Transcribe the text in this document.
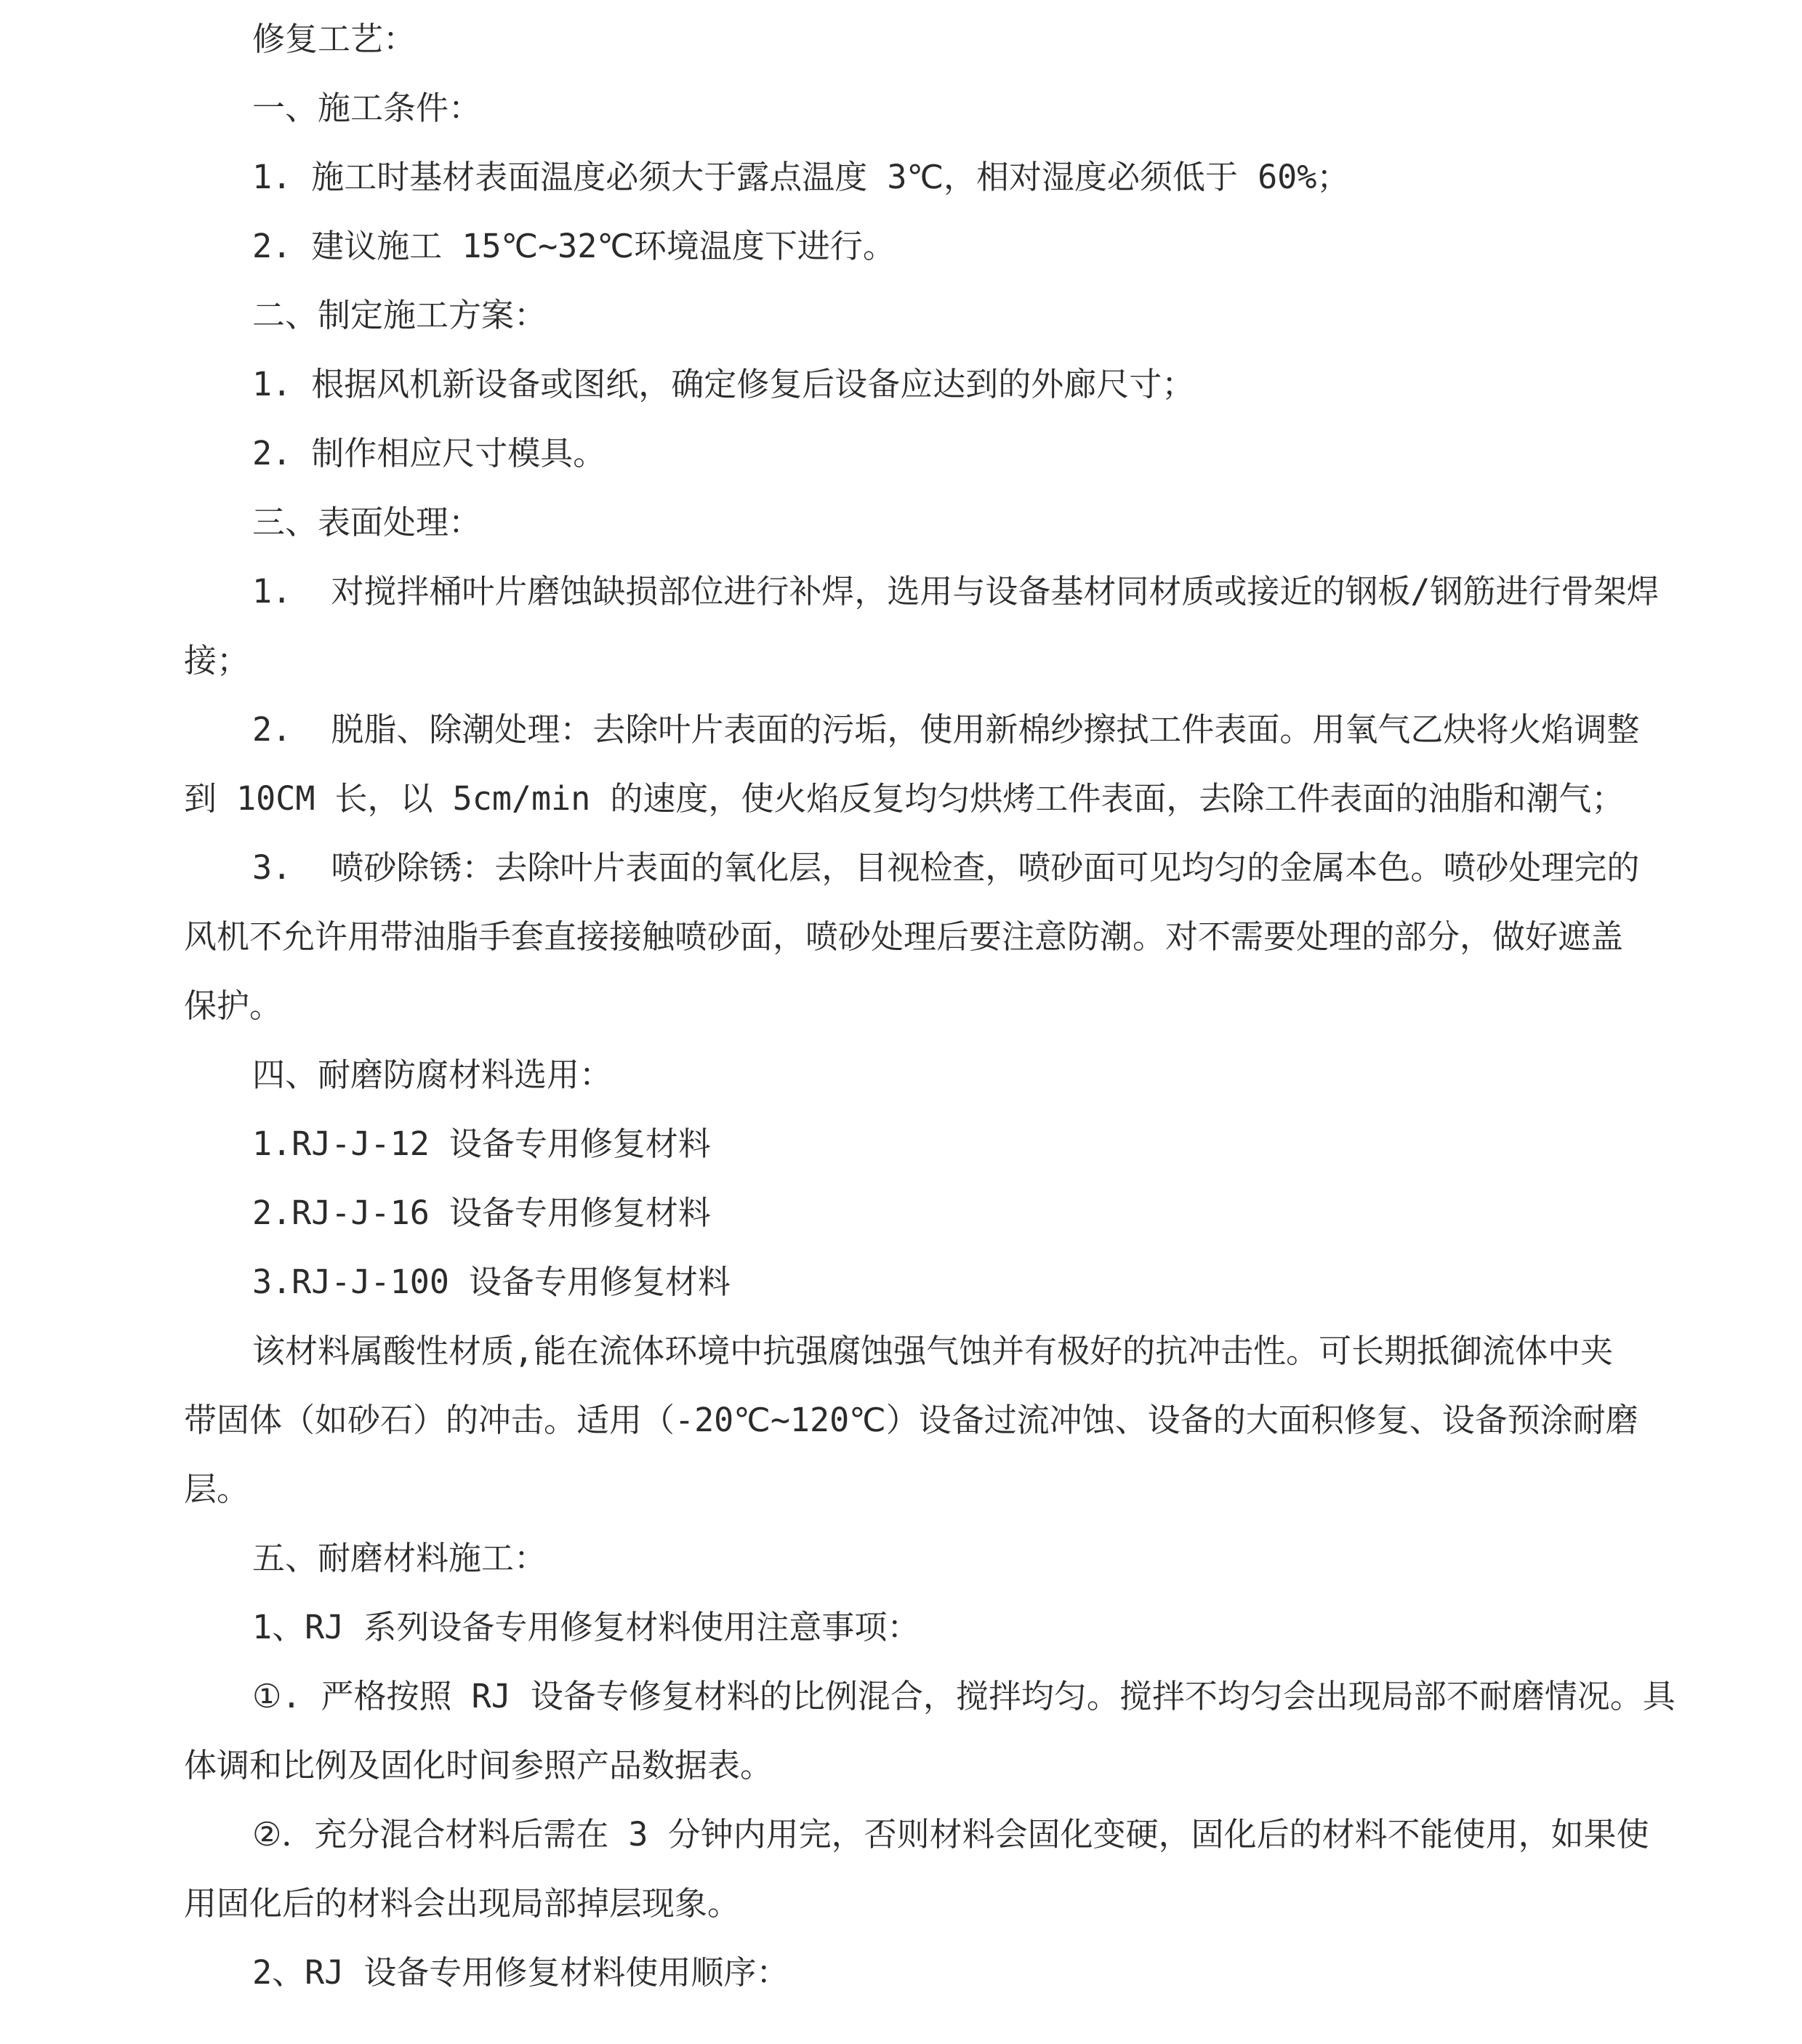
修复工艺：
一、施工条件：
1. 施工时基材表面温度必须大于露点温度 3℃，相对湿度必须低于 60%；
2. 建议施工 15℃~32℃环境温度下进行。
二、制定施工方案：
1. 根据风机新设备或图纸，确定修复后设备应达到的外廊尺寸；
2. 制作相应尺寸模具。
三、表面处理：
1.  对搅拌桶叶片磨蚀缺损部位进行补焊，选用与设备基材同材质或接近的钢板/钢筋进行骨架焊
接；
2.  脱脂、除潮处理：去除叶片表面的污垢，使用新棉纱擦拭工件表面。用氧气乙炔将火焰调整
到 10CM 长，以 5cm/min 的速度，使火焰反复均匀烘烤工件表面，去除工件表面的油脂和潮气；
3.  喷砂除锈：去除叶片表面的氧化层，目视检查，喷砂面可见均匀的金属本色。喷砂处理完的
风机不允许用带油脂手套直接接触喷砂面，喷砂处理后要注意防潮。对不需要处理的部分，做好遮盖
保护。
四、耐磨防腐材料选用：
1.RJ-J-12 设备专用修复材料
2.RJ-J-16 设备专用修复材料
3.RJ-J-100 设备专用修复材料
该材料属酸性材质,能在流体环境中抗强腐蚀强气蚀并有极好的抗冲击性。可长期抵御流体中夹
带固体（如砂石）的冲击。适用（-20℃~120℃）设备过流冲蚀、设备的大面积修复、设备预涂耐磨
层。
五、耐磨材料施工：
1、RJ 系列设备专用修复材料使用注意事项：
①. 严格按照 RJ 设备专修复材料的比例混合，搅拌均匀。搅拌不均匀会出现局部不耐磨情况。具
体调和比例及固化时间参照产品数据表。
②．充分混合材料后需在 3 分钟内用完，否则材料会固化变硬，固化后的材料不能使用，如果使
用固化后的材料会出现局部掉层现象。
2、RJ 设备专用修复材料使用顺序：
